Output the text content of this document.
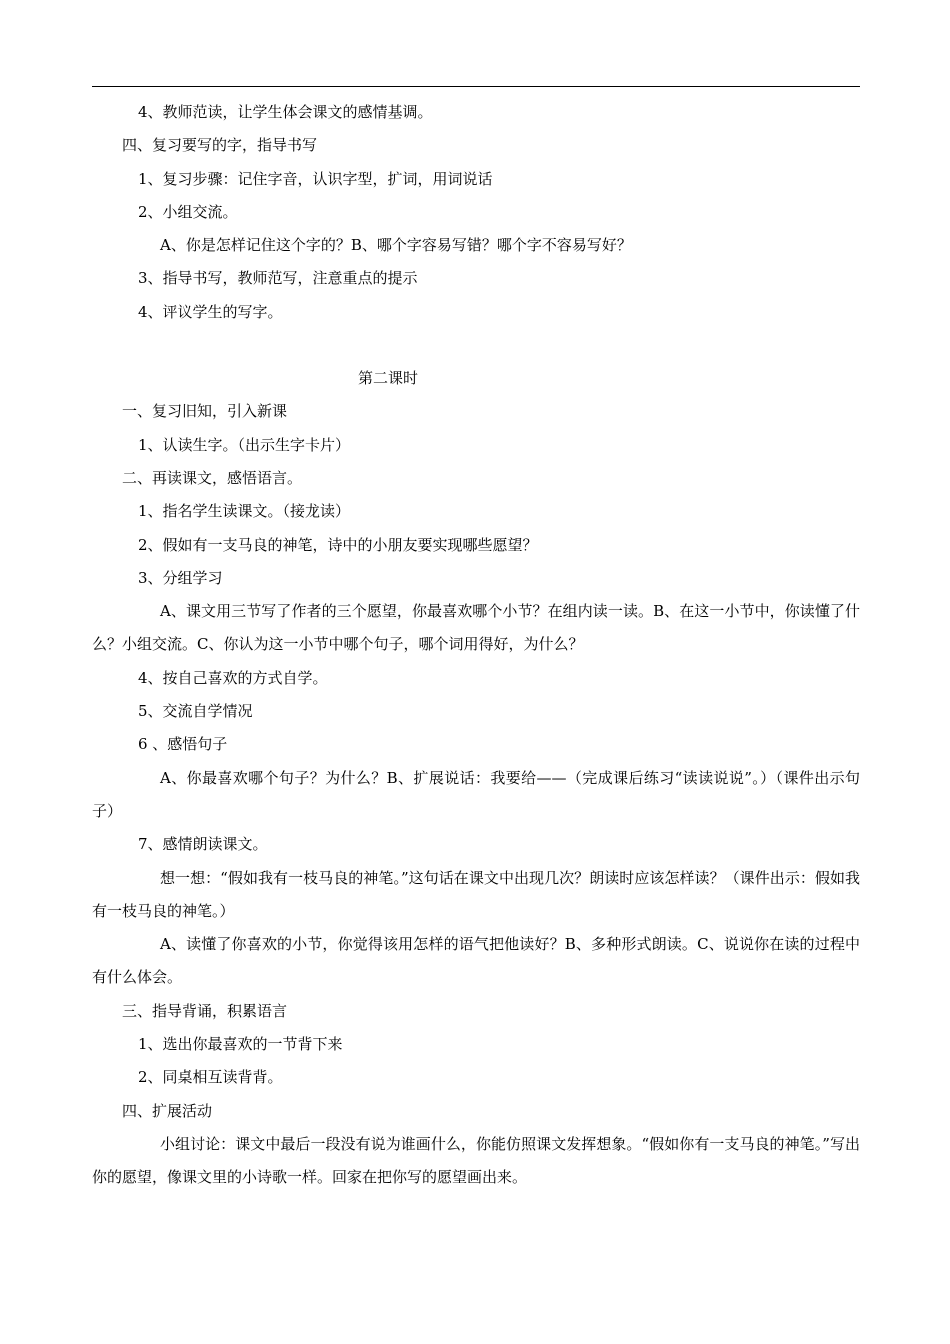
4、教师范读，让学生体会课文的感情基调。

四、复习要写的字，指导书写

1、复习步骤：记住字音，认识字型，扩词，用词说话

2、小组交流。

A、你是怎样记住这个字的？B、哪个字容易写错？哪个字不容易写好？

3、指导书写，教师范写，注意重点的提示

4、评议学生的写字。

第二课时

一、复习旧知，引入新课

1、认读生字。（出示生字卡片）

二、再读课文，感悟语言。

1、指名学生读课文。（接龙读）

2、假如有一支马良的神笔，诗中的小朋友要实现哪些愿望？

3、分组学习

A、课文用三节写了作者的三个愿望，你最喜欢哪个小节？在组内读一读。B、在这一小节中，你读懂了什么？小组交流。C、你认为这一小节中哪个句子，哪个词用得好，为什么？

4、按自己喜欢的方式自学。

5、交流自学情况

6 、感悟句子

A、你最喜欢哪个句子？为什么？B、扩展说话：我要给——（完成课后练习“读读说说”。）（课件出示句子）

7、感情朗读课文。

想一想：“假如我有一枝马良的神笔。”这句话在课文中出现几次？朗读时应该怎样读？（课件出示：假如我有一枝马良的神笔。）

A、读懂了你喜欢的小节，你觉得该用怎样的语气把他读好？B、多种形式朗读。C、说说你在读的过程中有什么体会。

三、指导背诵，积累语言

1、选出你最喜欢的一节背下来

2、同桌相互读背背。

四、扩展活动

小组讨论：课文中最后一段没有说为谁画什么，你能仿照课文发挥想象。“假如你有一支马良的神笔。”写出你的愿望，像课文里的小诗歌一样。回家在把你写的愿望画出来。
